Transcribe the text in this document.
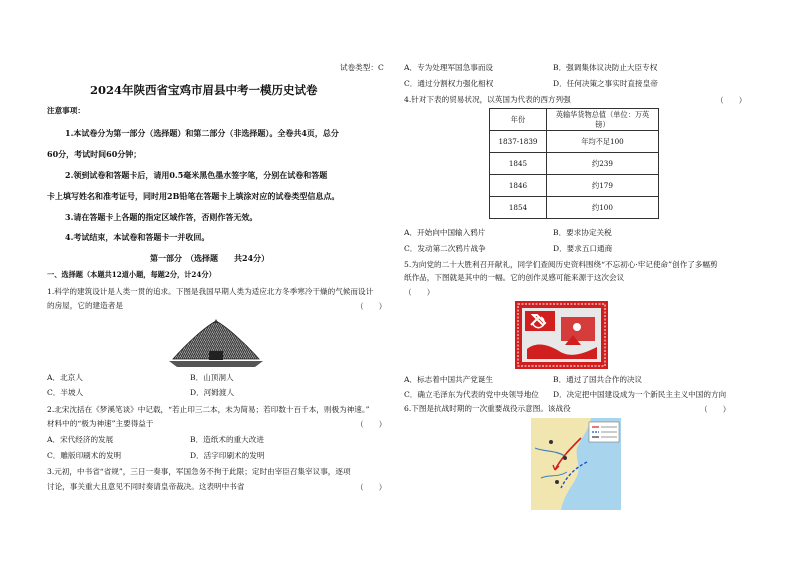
试卷类型：C
2024年陕西省宝鸡市眉县中考一模历史试卷
注意事项：
1.本试卷分为第一部分（选择题）和第二部分（非选择题）。全卷共4页，总分
60分，考试时间60分钟；
2.领到试卷和答题卡后，请用0.5毫米黑色墨水签字笔，分别在试卷和答题
卡上填写姓名和准考证号，同时用2B铅笔在答题卡上填涂对应的试卷类型信息点。
3.请在答题卡上各题的指定区域作答，否则作答无效。
4.考试结束，本试卷和答题卡一并收回。
第一部分　（选择题　　共24分）
一、选择题（本题共12道小题，每题2分，计24分）
1.科学的建筑设计是人类一贯的追求。下图是我国早期人类为适应北方冬季寒冷干燥的气候而设计
的房屋，它的建造者是	（　　）
A．北京人	B．山顶洞人
C．半坡人	D．河姆渡人
2.北宋沈括在《梦溪笔谈》中记载，“若止印三二本，未为简易；若印数十百千本，则极为神速。”
材料中的“极为神速”主要得益于	（　　）
A．宋代经济的发展	B．造纸术的重大改进
C．雕版印刷术的发明	D．活字印刷术的发明
3.元初，中书省“省规”，三日一奏事，军国急务不拘于此限；定时由宰臣召集宰议事，逐项
讨论，事关重大且意见不同时奏请皇帝裁决。这表明中书省	（　　）
A．专为处理军国急事而设	B．强调集体议决防止大臣专权
C．通过分割权力强化相权	D．任何决策之事实时直接皇帝
4.针对下表的贸易状况，以英国为代表的西方列强	（　　）
年份	英输华货物总值（单位：万英镑）
1837-1839	年均不足100
1845	约239
1846	约179
1854	约100
A．开始向中国输入鸦片	B．要求协定关税
C．发动第二次鸦片战争	D．要求五口通商
5.为向党的二十大胜利召开献礼，同学们查阅历史资料围绕“不忘初心·牢记使命”创作了多幅剪
纸作品，下图就是其中的一幅。它的创作灵感可能来源于这次会议
（　　）
A．标志着中国共产党诞生	B．通过了国共合作的决议
C．确立毛泽东为代表的党中央领导地位 D．决定把中国建设成为一个新民主主义中国的方向
6.下图是抗战时期的一次重要战役示意图。该战役	（　　）
